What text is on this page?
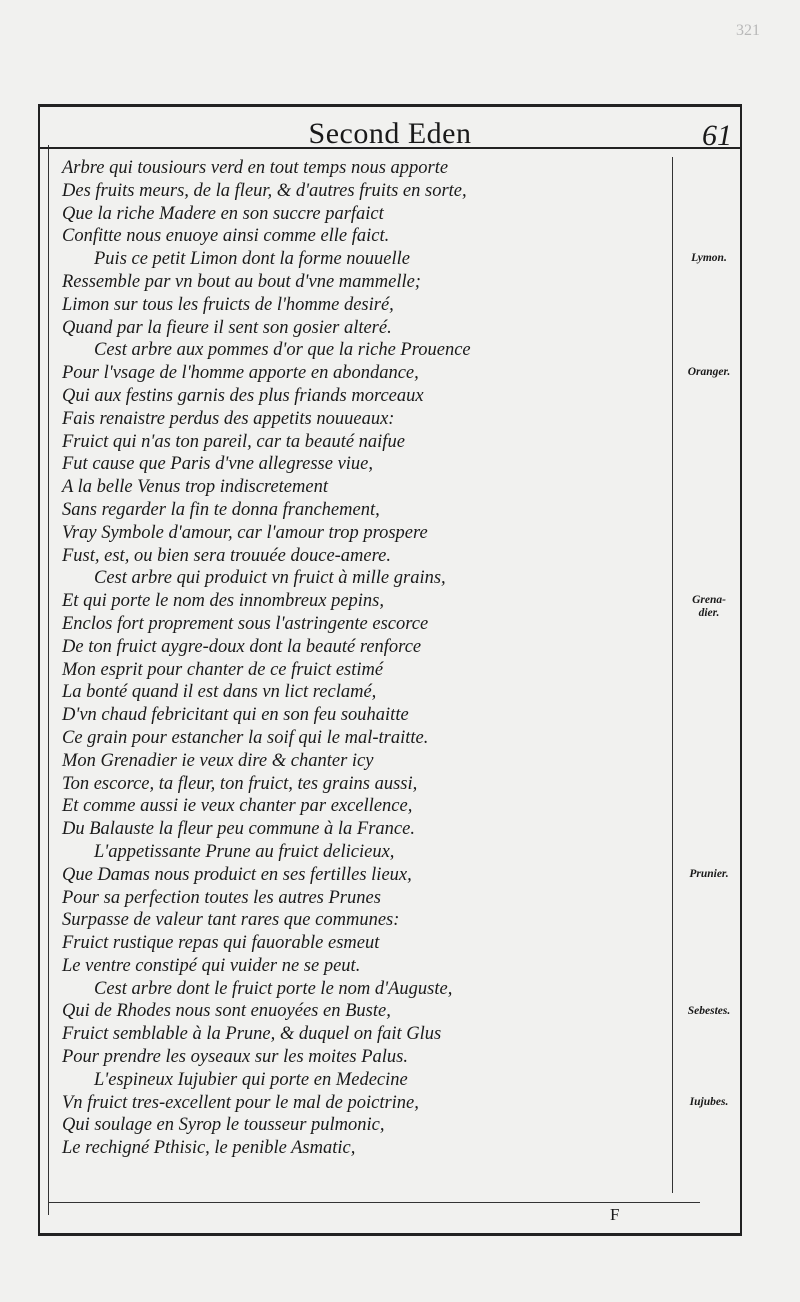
321
Second Eden	61
Arbre qui tousiours verd en tout temps nous apporte
Des fruits meurs, de la fleur, & d'autres fruits en sorte,
Que la riche Madere en son succre parfaict
Confitte nous enuoye ainsi comme elle faict.
Puis ce petit Limon dont la forme nouuelle
Ressemble par vn bout au bout d'vne mammelle;
Limon sur tous les fruicts de l'homme desiré,
Quand par la fieure il sent son gosier alteré.
Cest arbre aux pommes d'or que la riche Prouence
Pour l'vsage de l'homme apporte en abondance,
Qui aux festins garnis des plus friands morceaux
Fais renaistre perdus des appetits nouueaux:
Fruict qui n'as ton pareil, car ta beauté naifue
Fut cause que Paris d'vne allegresse viue,
A la belle Venus trop indiscretement
Sans regarder la fin te donna franchement,
Vray Symbole d'amour, car l'amour trop prospere
Fust, est, ou bien sera trouuée douce-amere.
Cest arbre qui produict vn fruict à mille grains,
Et qui porte le nom des innombreux pepins,
Enclos fort proprement sous l'astringente escorce
De ton fruict aygre-doux dont la beauté renforce
Mon esprit pour chanter de ce fruict estimé
La bonté quand il est dans vn lict reclamé,
D'vn chaud febricitant qui en son feu souhaitte
Ce grain pour estancher la soif qui le mal-traitte.
Mon Grenadier ie veux dire & chanter icy
Ton escorce, ta fleur, ton fruict, tes grains aussi,
Et comme aussi ie veux chanter par excellence,
Du Balauste la fleur peu commune à la France.
L'appetissante Prune au fruict delicieux,
Que Damas nous produict en ses fertilles lieux,
Pour sa perfection toutes les autres Prunes
Surpasse de valeur tant rares que communes:
Fruict rustique repas qui fauorable esmeut
Le ventre constipé qui vuider ne se peut.
Cest arbre dont le fruict porte le nom d'Auguste,
Qui de Rhodes nous sont enuoyées en Buste,
Fruict semblable à la Prune, & duquel on fait Glus
Pour prendre les oyseaux sur les moites Palus.
L'espineux Iujubier qui porte en Medecine
Vn fruict tres-excellent pour le mal de poictrine,
Qui soulage en Syrop le tousseur pulmonic,
Le rechigné Pthisic, le penible Asmatic,
Lymon.
Oranger.
Grena-
dier.
Prunier.
Sebestes.
Iujubes.
F
